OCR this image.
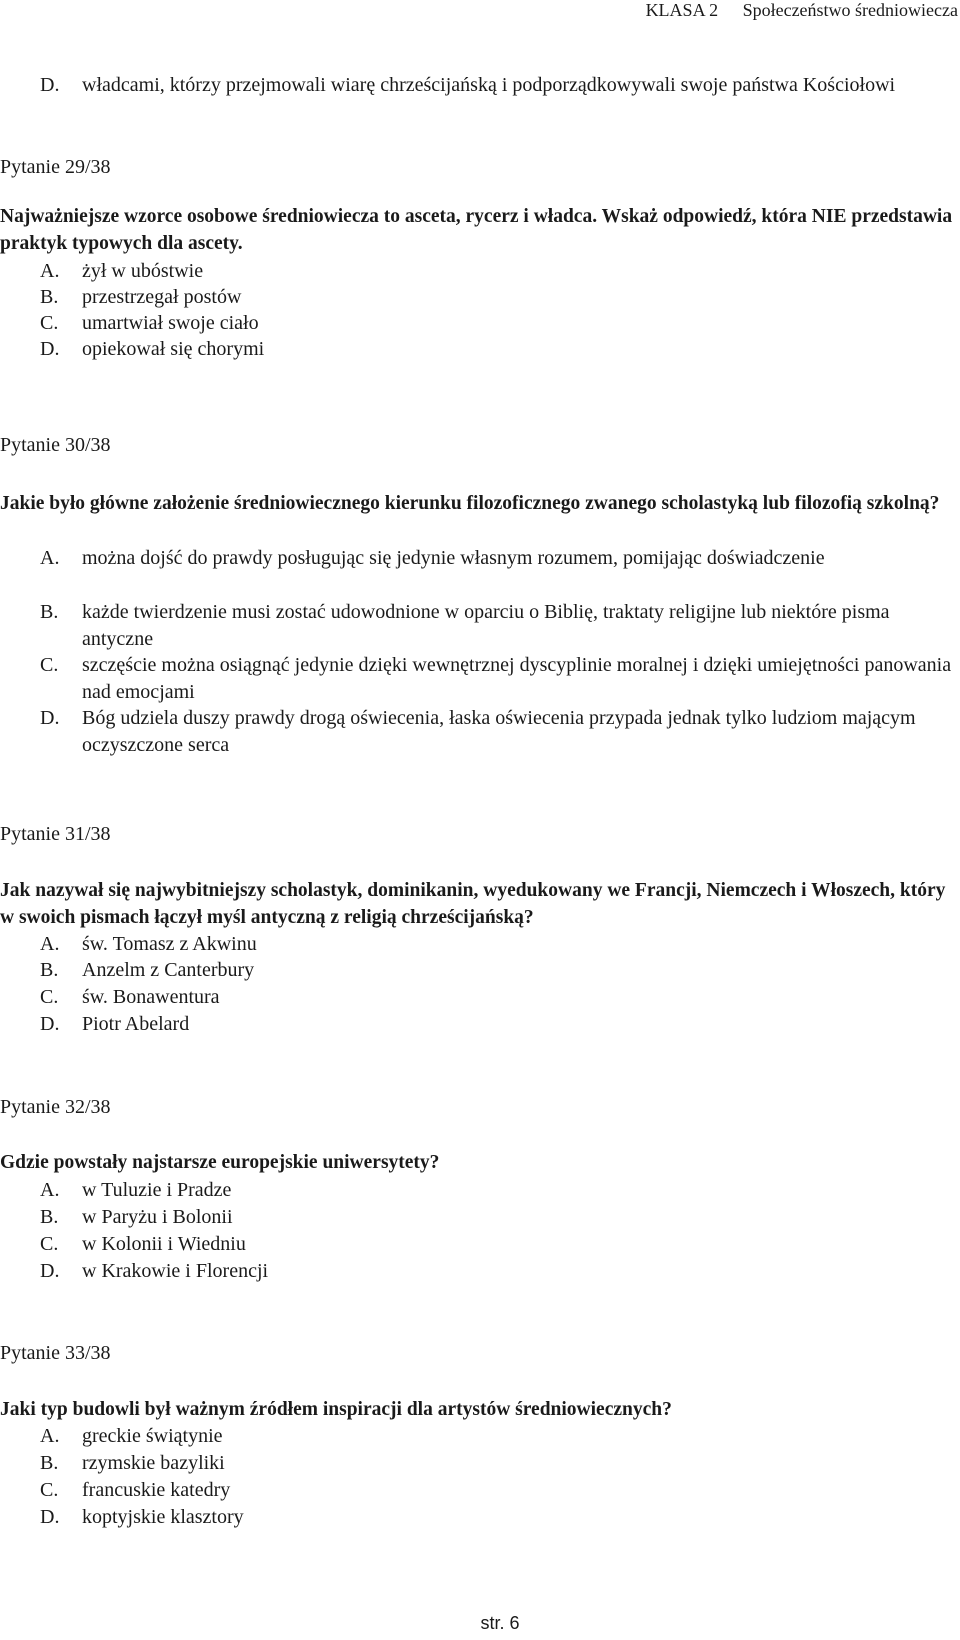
KLASA 2 Społeczeństwo średniowiecza
D. władcami, którzy przejmowali wiarę chrześcijańską i podporządkowywali swoje państwa Kościołowi
Pytanie 29/38
Najważniejsze wzorce osobowe średniowiecza to asceta, rycerz i władca. Wskaż odpowiedź, która NIE przedstawia praktyk typowych dla ascety.
A. żył w ubóstwie
B. przestrzegał postów
C. umartwiał swoje ciało
D. opiekował się chorymi
Pytanie 30/38
Jakie było główne założenie średniowiecznego kierunku filozoficznego zwanego scholastyką lub filozofią szkolną?
A. można dojść do prawdy posługując się jedynie własnym rozumem, pomijając doświadczenie
B. każde twierdzenie musi zostać udowodnione w oparciu o Biblię, traktaty religijne lub niektóre pisma antyczne
C. szczęście można osiągnąć jedynie dzięki wewnętrznej dyscyplinie moralnej i dzięki umiejętności panowania nad emocjami
D. Bóg udziela duszy prawdy drogą oświecenia, łaska oświecenia przypada jednak tylko ludziom mającym oczyszczone serca
Pytanie 31/38
Jak nazywał się najwybitniejszy scholastyk, dominikanin, wyedukowany we Francji, Niemczech i Włoszech, który w swoich pismach łączył myśl antyczną z religią chrześcijańską?
A. św. Tomasz z Akwinu
B. Anzelm z Canterbury
C. św. Bonawentura
D. Piotr Abelard
Pytanie 32/38
Gdzie powstały najstarsze europejskie uniwersytety?
A. w Tuluzie i Pradze
B. w Paryżu i Bolonii
C. w Kolonii i Wiedniu
D. w Krakowie i Florencji
Pytanie 33/38
Jaki typ budowli był ważnym źródłem inspiracji dla artystów średniowiecznych?
A. greckie świątynie
B. rzymskie bazyliki
C. francuskie katedry
D. koptyjskie klasztory
str. 6
